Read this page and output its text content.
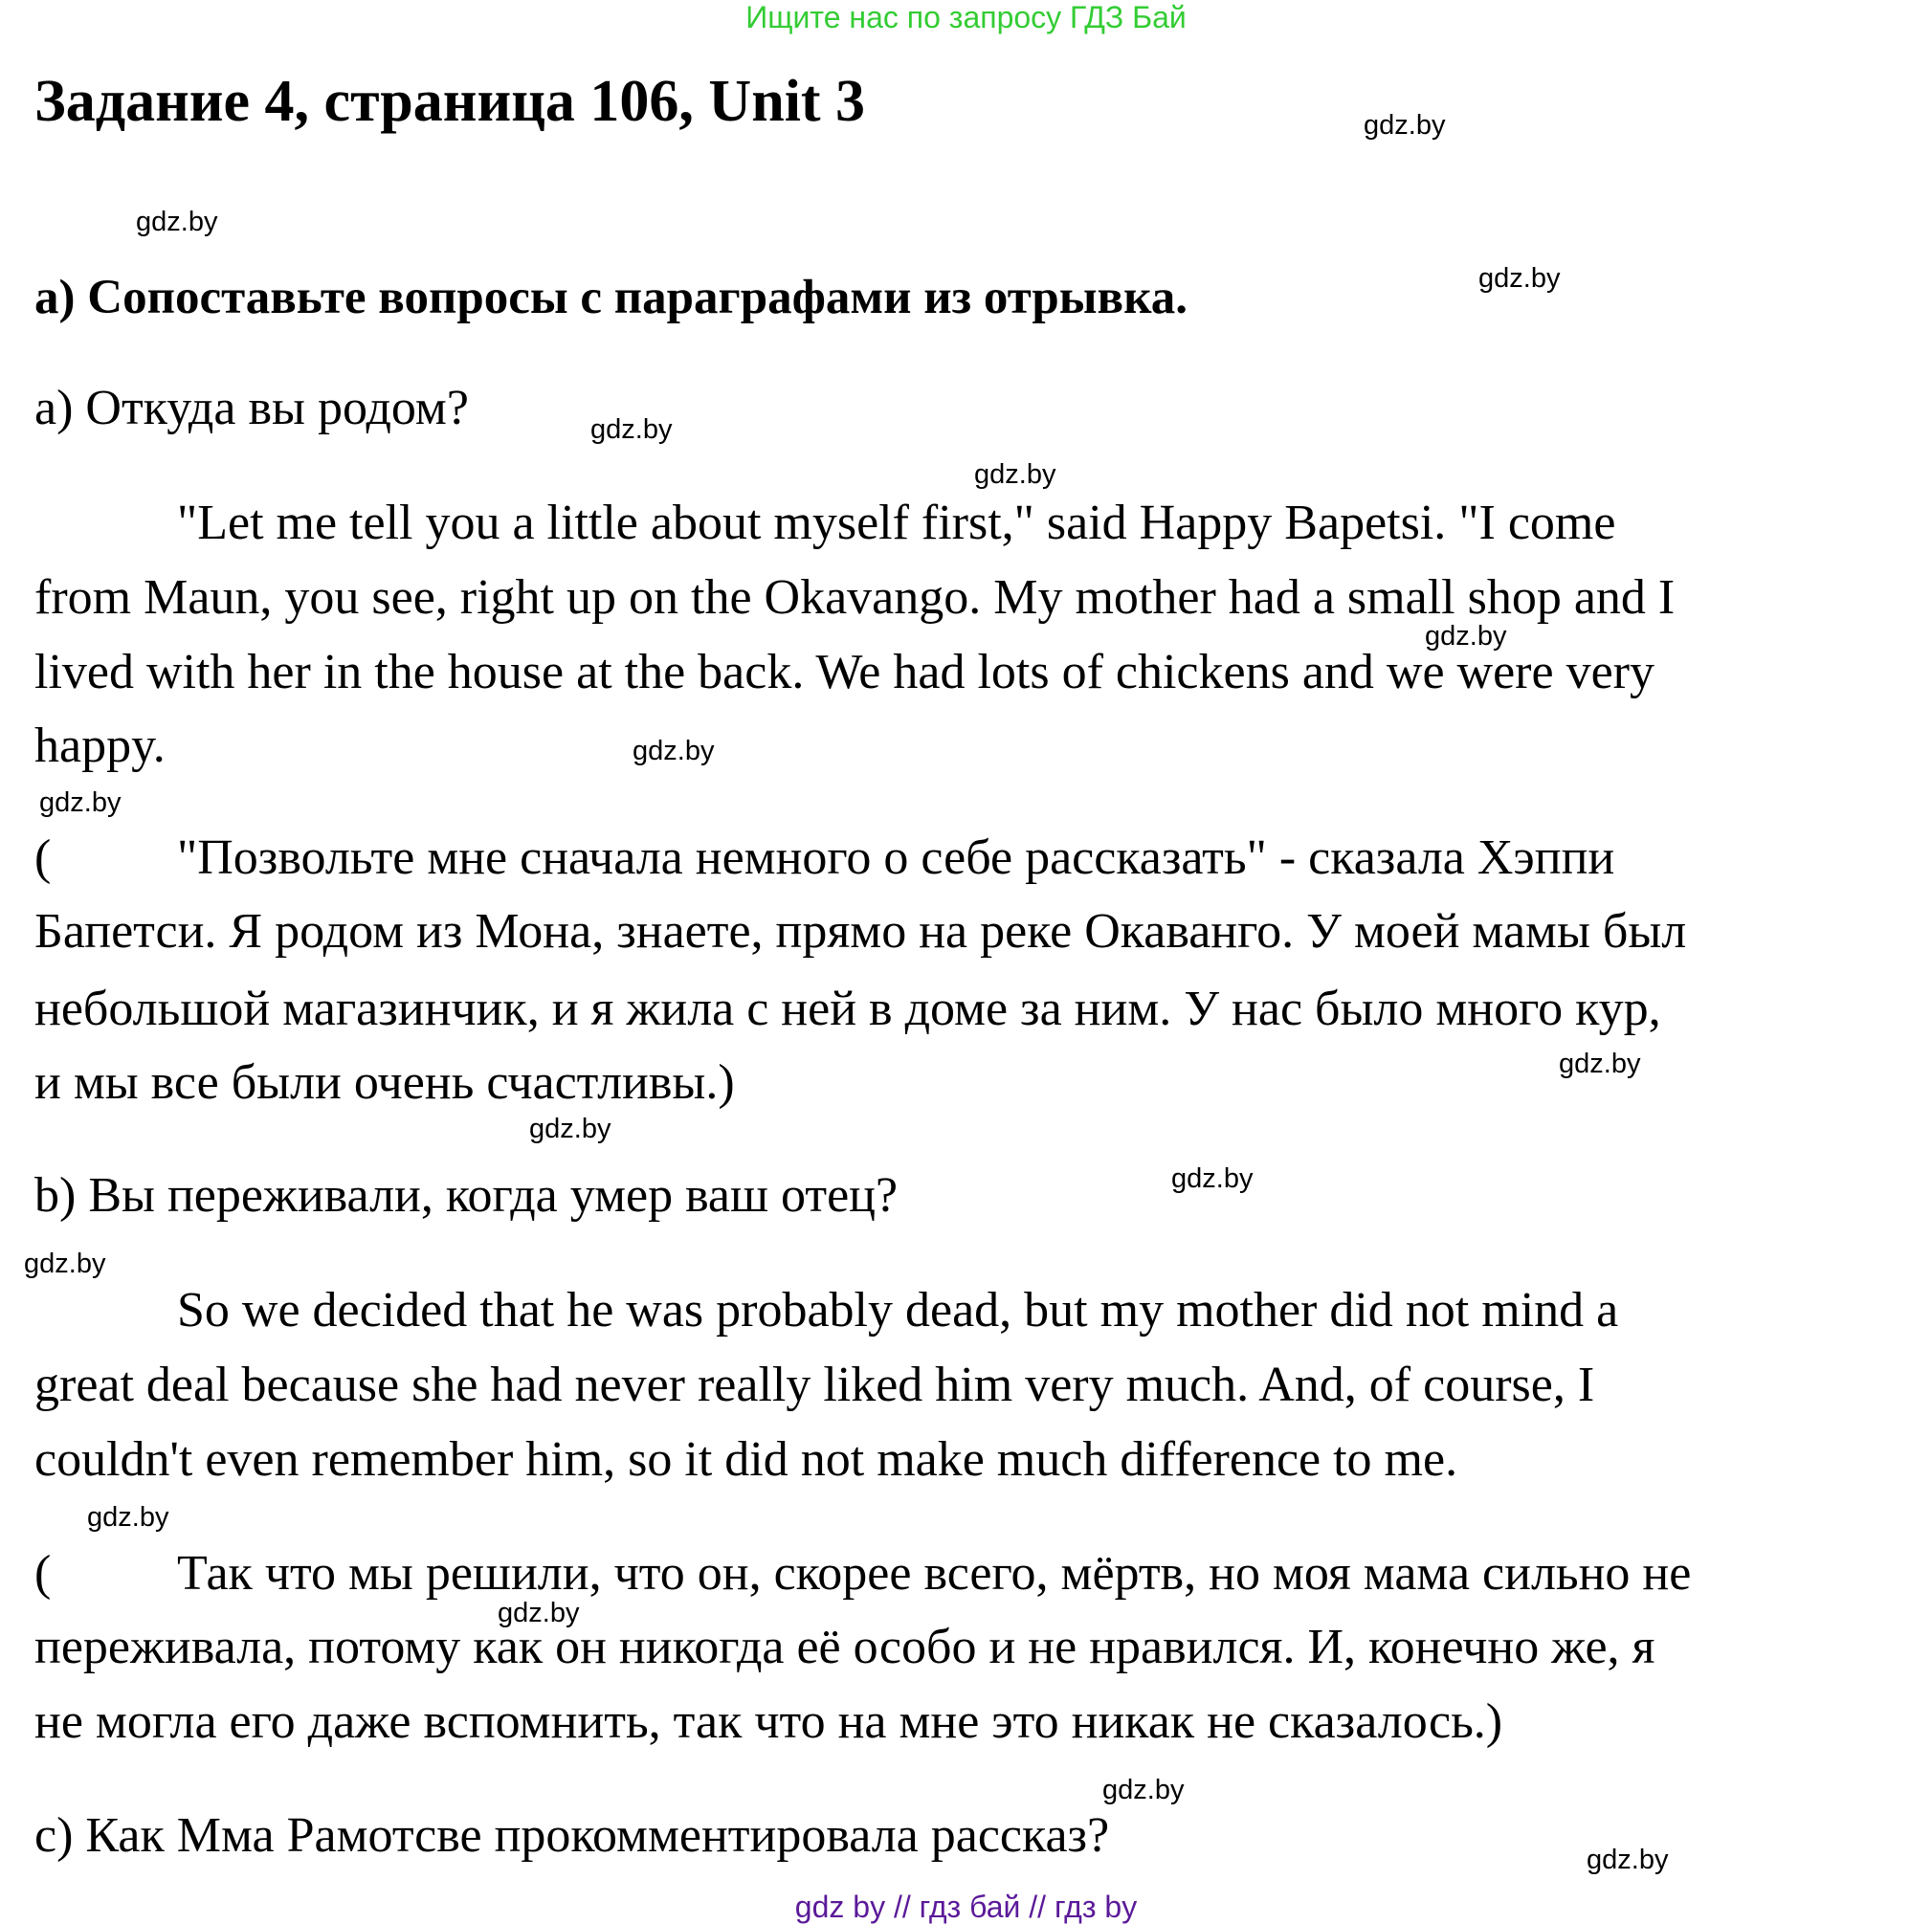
Ищите нас по запросу ГДЗ Бай
Задание 4, страница 106, Unit 3
а) Сопоставьте вопросы с параграфами из отрывка.
a) Откуда вы родом?
"Let me tell you a little about myself first," said Happy Bapetsi. "I come
from Maun, you see, right up on the Okavango. My mother had a small shop and I
lived with her in the house at the back. We had lots of chickens and we were very
happy.
(	"Позвольте мне сначала немного о себе рассказать" - сказала Хэппи
Бапетси. Я родом из Мона, знаете, прямо на реке Окаванго. У моей мамы был
небольшой магазинчик, и я жила с ней в доме за ним. У нас было много кур,
и мы все были очень счастливы.)
b) Вы переживали, когда умер ваш отец?
So we decided that he was probably dead, but my mother did not mind a
great deal because she had never really liked him very much. And, of course, I
couldn't even remember him, so it did not make much difference to me.
(	Так что мы решили, что он, скорее всего, мёртв, но моя мама сильно не
переживала, потому как он никогда её особо и не нравился. И, конечно же, я
не могла его даже вспомнить, так что на мне это никак не сказалось.)
c) Как Мма Рамотсве прокомментировала рассказ?
gdz.by
gdz.by
gdz.by
gdz.by
gdz.by
gdz.by
gdz.by
gdz.by
gdz.by
gdz.by
gdz.by
gdz.by
gdz.by
gdz.by
gdz.by
gdz.by
gdz by // гдз бай // гдз by
